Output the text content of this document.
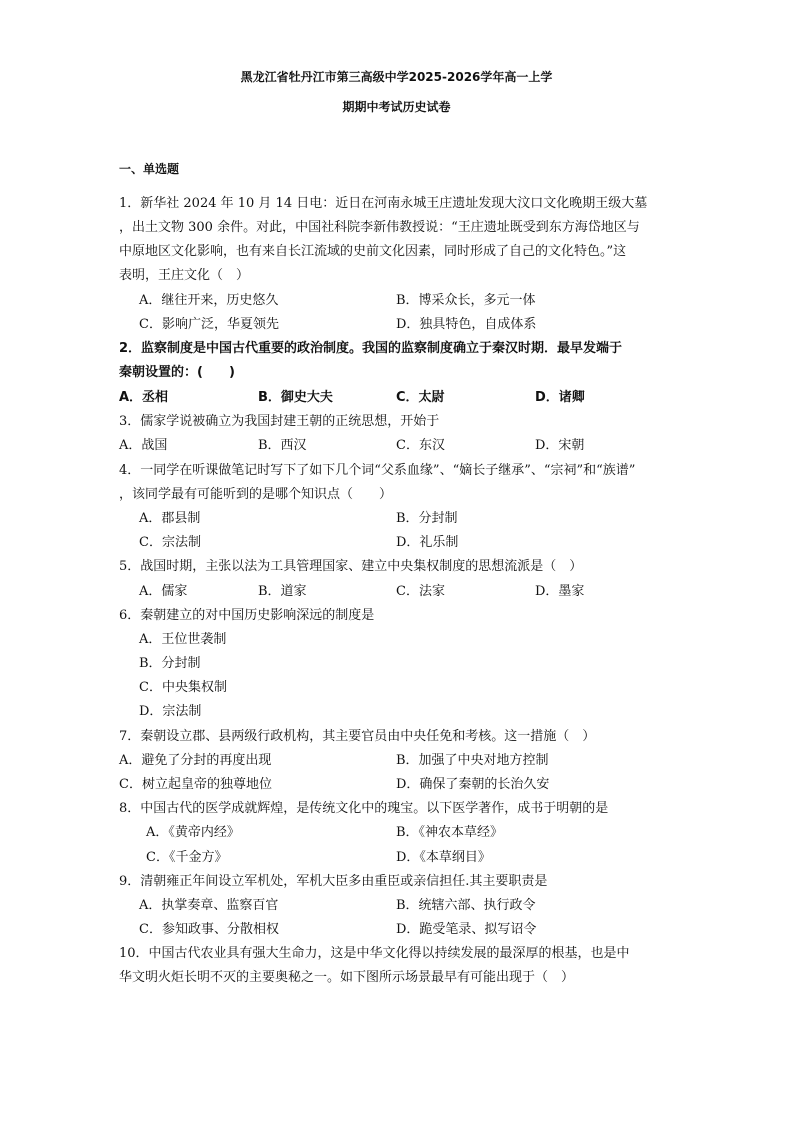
黑龙江省牡丹江市第三高级中学2025-2026学年高一上学
期期中考试历史试卷
一、单选题
1．新华社 2024 年 10 月 14 日电：近日在河南永城王庄遗址发现大汶口文化晚期王级大墓
，出土文物 300 余件。对此，中国社科院李新伟教授说：“王庄遗址既受到东方海岱地区与
中原地区文化影响，也有来自长江流域的史前文化因素，同时形成了自己的文化特色。”这
表明，王庄文化（　）
A．继往开来，历史悠久	B．博采众长，多元一体
C．影响广泛，华夏领先	D．独具特色，自成体系
2．监察制度是中国古代重要的政治制度。我国的监察制度确立于秦汉时期．最早发端于
秦朝设置的：(　　)
A．丞相	B．御史大夫	C．太尉	D．诸卿
3．儒家学说被确立为我国封建王朝的正统思想，开始于
A．战国	B．西汉	C．东汉	D．宋朝
4．一同学在听课做笔记时写下了如下几个词“父系血缘”、“嫡长子继承”、“宗祠”和“族谱”
，该同学最有可能听到的是哪个知识点（　　）
A．郡县制	B．分封制
C．宗法制	D．礼乐制
5．战国时期，主张以法为工具管理国家、建立中央集权制度的思想流派是（　）
A．儒家	B．道家	C．法家	D．墨家
6．秦朝建立的对中国历史影响深远的制度是
A．王位世袭制
B．分封制
C．中央集权制
D．宗法制
7．秦朝设立郡、县两级行政机构，其主要官员由中央任免和考核。这一措施（　）
A．避免了分封的再度出现	B．加强了中央对地方控制
C．树立起皇帝的独尊地位	D．确保了秦朝的长治久安
8．中国古代的医学成就辉煌，是传统文化中的瑰宝。以下医学著作，成书于明朝的是
A．《黄帝内经》	B．《神农本草经》
C．《千金方》	D．《本草纲目》
9．清朝雍正年间设立军机处，军机大臣多由重臣或亲信担任.其主要职责是
A．执掌奏章、监察百官	B．统辖六部、执行政令
C．参知政事、分散相权	D．跪受笔录、拟写诏令
10．中国古代农业具有强大生命力，这是中华文化得以持续发展的最深厚的根基，也是中
华文明火炬长明不灭的主要奥秘之一。如下图所示场景最早有可能出现于（　）
